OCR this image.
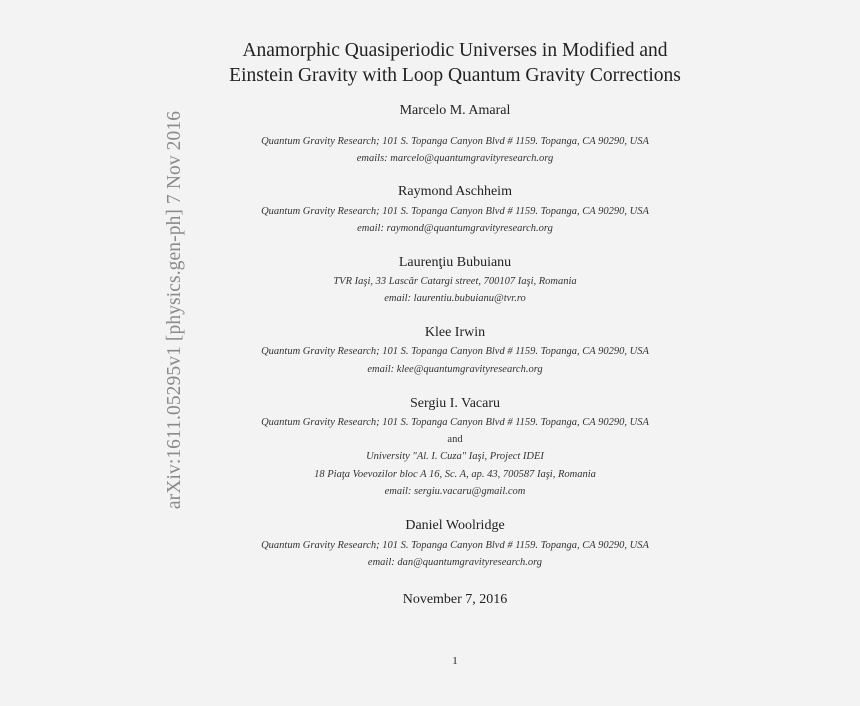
arXiv:1611.05295v1 [physics.gen-ph] 7 Nov 2016
Anamorphic Quasiperiodic Universes in Modified and
Einstein Gravity with Loop Quantum Gravity Corrections
Marcelo M. Amaral
Quantum Gravity Research; 101 S. Topanga Canyon Blvd # 1159. Topanga, CA 90290, USA
emails: marcelo@quantumgravityresearch.org
Raymond Aschheim
Quantum Gravity Research; 101 S. Topanga Canyon Blvd # 1159. Topanga, CA 90290, USA
email: raymond@quantumgravityresearch.org
Laurenţiu Bubuianu
TVR Iaşi, 33 Lascăr Catargi street, 700107 Iaşi, Romania
email: laurentiu.bubuianu@tvr.ro
Klee Irwin
Quantum Gravity Research; 101 S. Topanga Canyon Blvd # 1159. Topanga, CA 90290, USA
email: klee@quantumgravityresearch.org
Sergiu I. Vacaru
Quantum Gravity Research; 101 S. Topanga Canyon Blvd # 1159. Topanga, CA 90290, USA
and
University "Al. I. Cuza" Iaşi, Project IDEI
18 Piaţa Voevozilor bloc A 16, Sc. A, ap. 43, 700587 Iaşi, Romania
email: sergiu.vacaru@gmail.com
Daniel Woolridge
Quantum Gravity Research; 101 S. Topanga Canyon Blvd # 1159. Topanga, CA 90290, USA
email: dan@quantumgravityresearch.org
November 7, 2016
1
